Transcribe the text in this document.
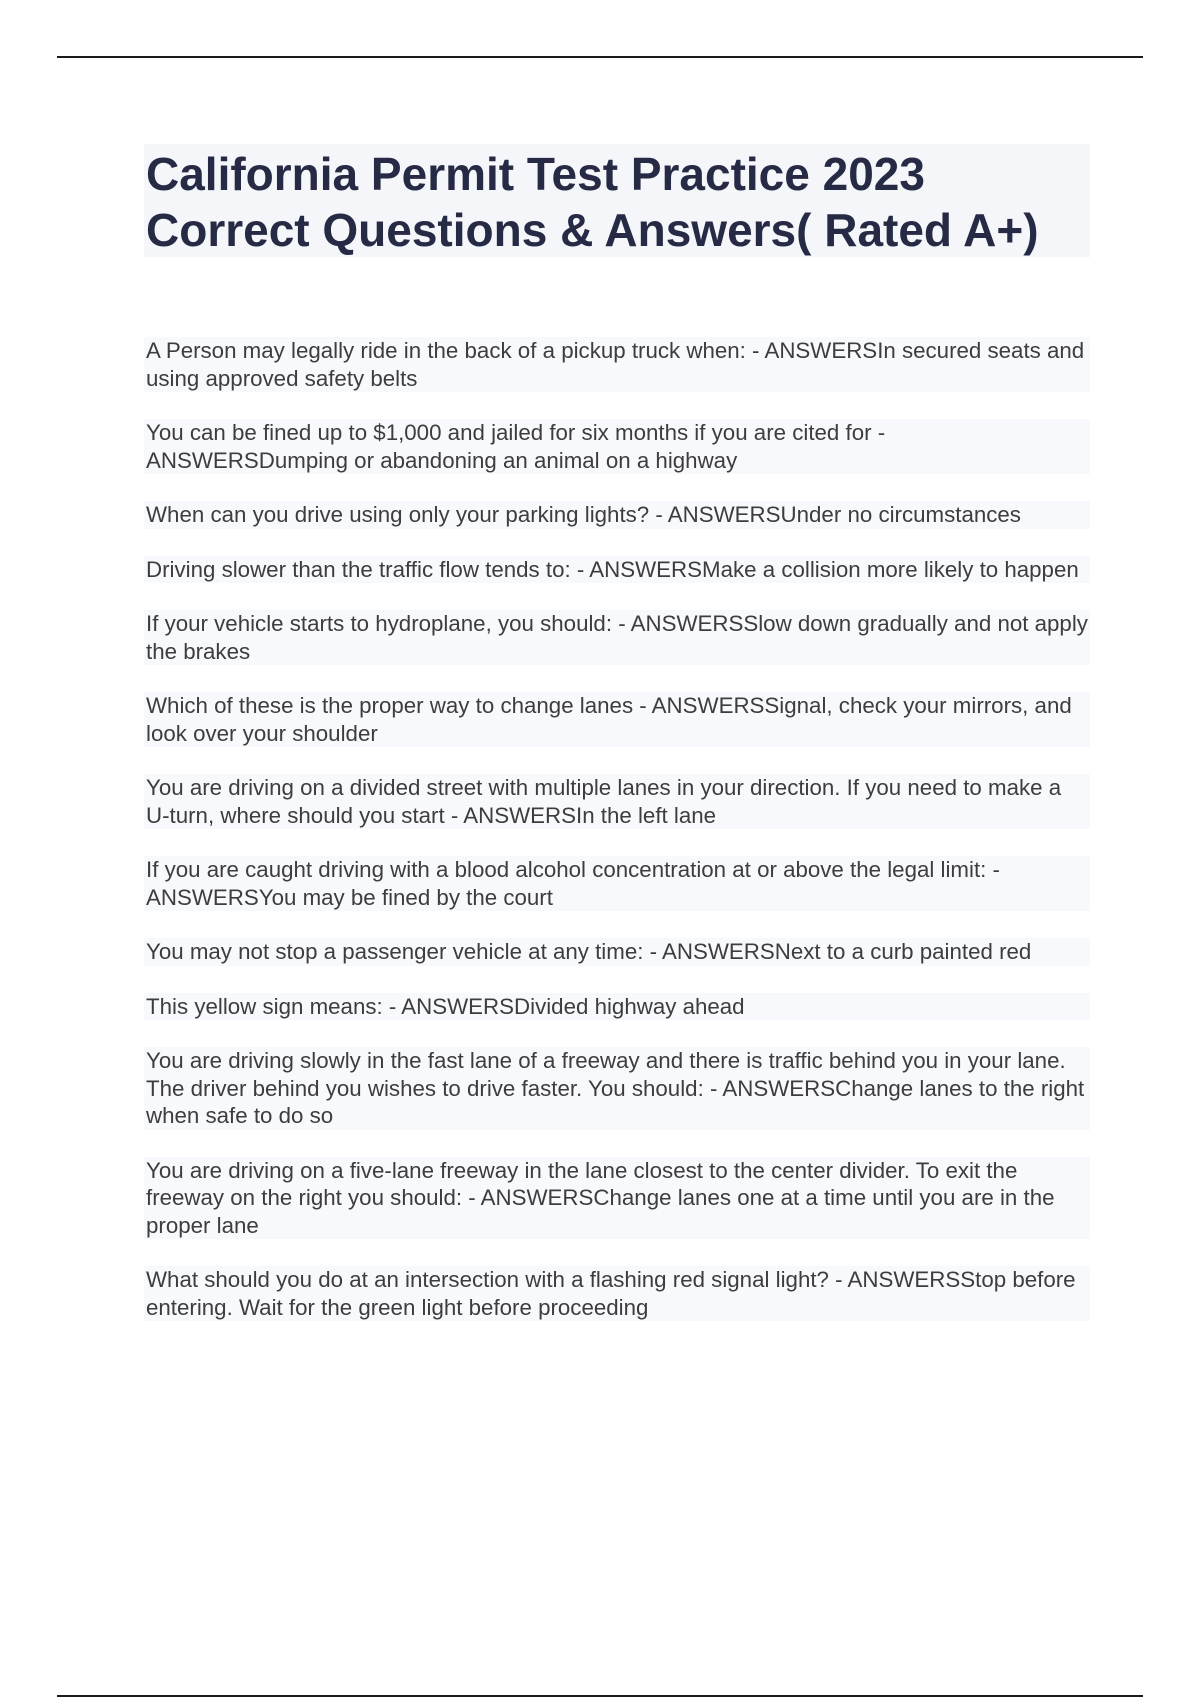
California Permit Test Practice 2023
Correct Questions & Answers( Rated A+)
A Person may legally ride in the back of a pickup truck when: - ANSWERSIn secured seats and using approved safety belts
You can be fined up to $1,000 and jailed for six months if you are cited for - ANSWERSDumping or abandoning an animal on a highway
When can you drive using only your parking lights? - ANSWERSUnder no circumstances
Driving slower than the traffic flow tends to: - ANSWERSMake a collision more likely to happen
If your vehicle starts to hydroplane, you should: - ANSWERSSlow down gradually and not apply the brakes
Which of these is the proper way to change lanes - ANSWERSSignal, check your mirrors, and look over your shoulder
You are driving on a divided street with multiple lanes in your direction. If you need to make a U-turn, where should you start - ANSWERSIn the left lane
If you are caught driving with a blood alcohol concentration at or above the legal limit: - ANSWERSYou may be fined by the court
You may not stop a passenger vehicle at any time: - ANSWERSNext to a curb painted red
This yellow sign means: - ANSWERSDivided highway ahead
You are driving slowly in the fast lane of a freeway and there is traffic behind you in your lane. The driver behind you wishes to drive faster. You should: - ANSWERSChange lanes to the right when safe to do so
You are driving on a five-lane freeway in the lane closest to the center divider. To exit the freeway on the right you should: - ANSWERSChange lanes one at a time until you are in the proper lane
What should you do at an intersection with a flashing red signal light? - ANSWERSStop before entering. Wait for the green light before proceeding
